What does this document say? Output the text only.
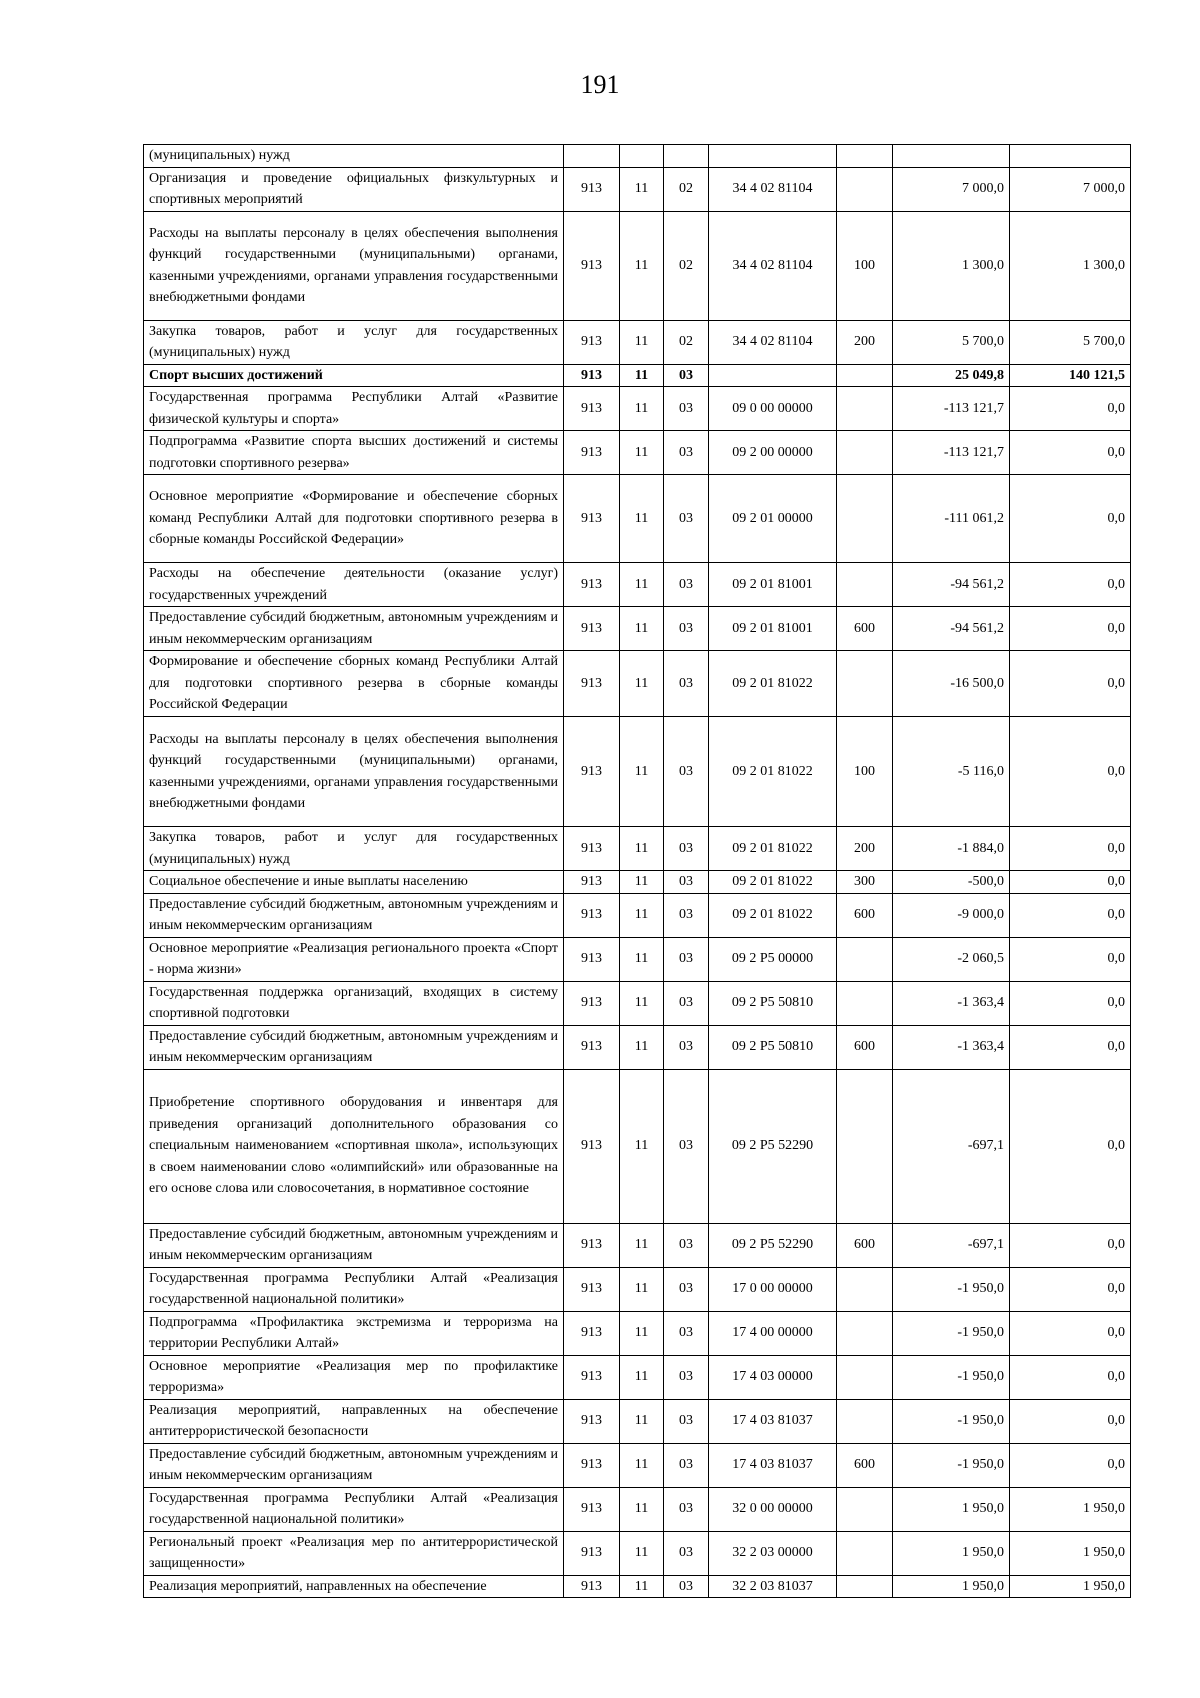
191
(муниципальных) нужд							
Организация и проведение официальных физкультурных и спортивных мероприятий	913	11	02	34 4 02 81104		7 000,0	7 000,0
Расходы на выплаты персоналу в целях обеспечения выполнения функций государственными (муниципальными) органами, казенными учреждениями, органами управления государственными внебюджетными фондами	913	11	02	34 4 02 81104	100	1 300,0	1 300,0
Закупка товаров, работ и услуг для государственных (муниципальных) нужд	913	11	02	34 4 02 81104	200	5 700,0	5 700,0
Спорт высших достижений	913	11	03			25 049,8	140 121,5
Государственная программа Республики Алтай «Развитие физической культуры и спорта»	913	11	03	09 0 00 00000		-113 121,7	0,0
Подпрограмма «Развитие спорта высших достижений и системы подготовки спортивного резерва»	913	11	03	09 2 00 00000		-113 121,7	0,0
Основное мероприятие «Формирование и обеспечение сборных команд Республики Алтай для подготовки спортивного резерва в сборные команды Российской Федерации»	913	11	03	09 2 01 00000		-111 061,2	0,0
Расходы на обеспечение деятельности (оказание услуг) государственных учреждений	913	11	03	09 2 01 81001		-94 561,2	0,0
Предоставление субсидий бюджетным, автономным учреждениям и иным некоммерческим организациям	913	11	03	09 2 01 81001	600	-94 561,2	0,0
Формирование и обеспечение сборных команд Республики Алтай для подготовки спортивного резерва в сборные команды Российской Федерации	913	11	03	09 2 01 81022		-16 500,0	0,0
Расходы на выплаты персоналу в целях обеспечения выполнения функций государственными (муниципальными) органами, казенными учреждениями, органами управления государственными внебюджетными фондами	913	11	03	09 2 01 81022	100	-5 116,0	0,0
Закупка товаров, работ и услуг для государственных (муниципальных) нужд	913	11	03	09 2 01 81022	200	-1 884,0	0,0
Социальное обеспечение и иные выплаты населению	913	11	03	09 2 01 81022	300	-500,0	0,0
Предоставление субсидий бюджетным, автономным учреждениям и иным некоммерческим организациям	913	11	03	09 2 01 81022	600	-9 000,0	0,0
Основное мероприятие «Реализация регионального проекта «Спорт - норма жизни»	913	11	03	09 2 P5 00000		-2 060,5	0,0
Государственная поддержка организаций, входящих в систему спортивной подготовки	913	11	03	09 2 P5 50810		-1 363,4	0,0
Предоставление субсидий бюджетным, автономным учреждениям и иным некоммерческим организациям	913	11	03	09 2 P5 50810	600	-1 363,4	0,0
Приобретение спортивного оборудования и инвентаря для приведения организаций дополнительного образования со специальным наименованием «спортивная школа», использующих в своем наименовании слово «олимпийский» или образованные на его основе слова или словосочетания, в нормативное состояние	913	11	03	09 2 P5 52290		-697,1	0,0
Предоставление субсидий бюджетным, автономным учреждениям и иным некоммерческим организациям	913	11	03	09 2 P5 52290	600	-697,1	0,0
Государственная программа Республики Алтай «Реализация государственной национальной политики»	913	11	03	17 0 00 00000		-1 950,0	0,0
Подпрограмма «Профилактика экстремизма и терроризма на территории Республики Алтай»	913	11	03	17 4 00 00000		-1 950,0	0,0
Основное мероприятие «Реализация мер по профилактике терроризма»	913	11	03	17 4 03 00000		-1 950,0	0,0
Реализация мероприятий, направленных на обеспечение антитеррористической безопасности	913	11	03	17 4 03 81037		-1 950,0	0,0
Предоставление субсидий бюджетным, автономным учреждениям и иным некоммерческим организациям	913	11	03	17 4 03 81037	600	-1 950,0	0,0
Государственная программа Республики Алтай «Реализация государственной национальной политики»	913	11	03	32 0 00 00000		1 950,0	1 950,0
Региональный проект «Реализация мер по антитеррористической защищенности»	913	11	03	32 2 03 00000		1 950,0	1 950,0
Реализация мероприятий, направленных на обеспечение	913	11	03	32 2 03 81037		1 950,0	1 950,0
